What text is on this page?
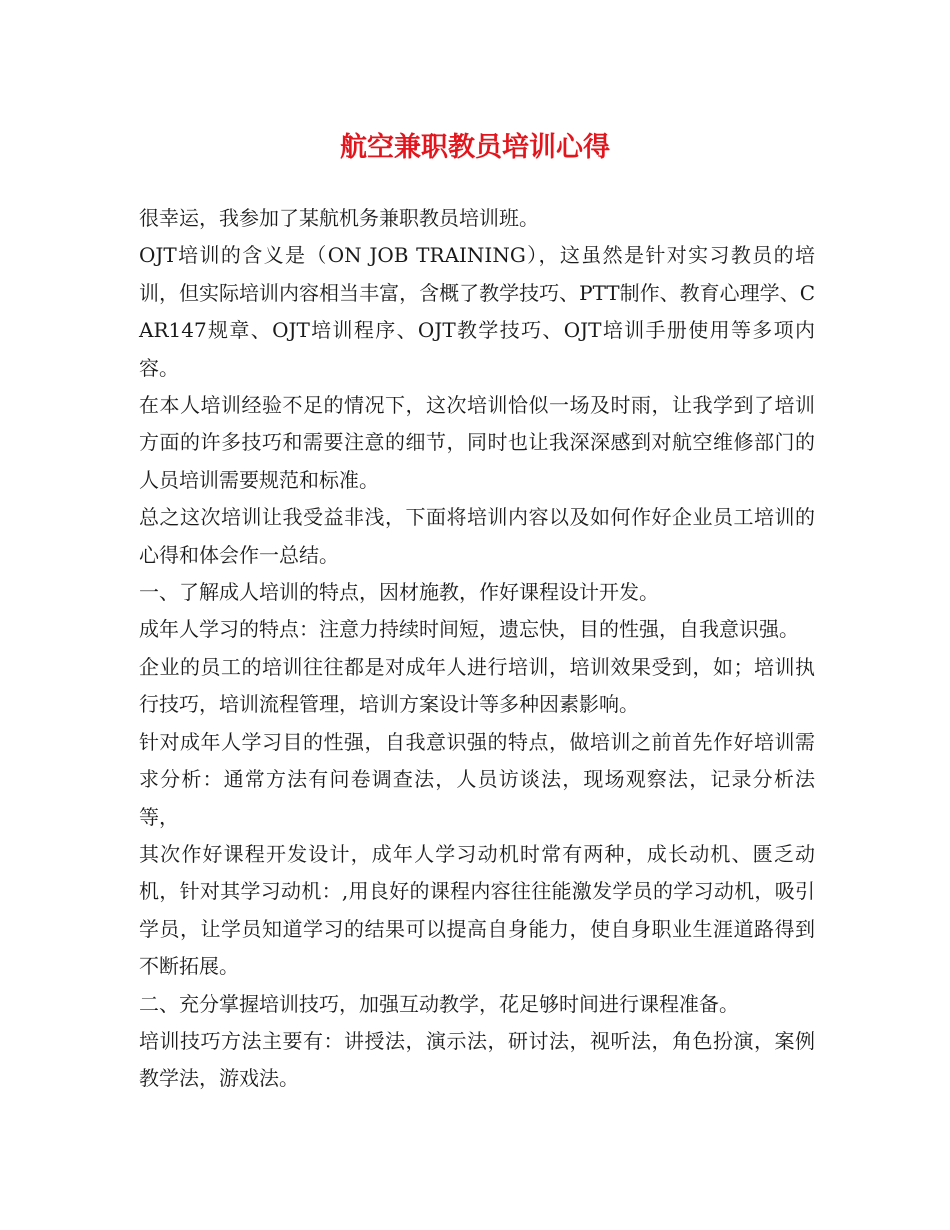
航空兼职教员培训心得

很幸运，我参加了某航机务兼职教员培训班。

OJT培训的含义是（ON JOB TRAINING），这虽然是针对实习教员的培训，但实际培训内容相当丰富，含概了教学技巧、PTT制作、教育心理学、CAR147规章、OJT培训程序、OJT教学技巧、OJT培训手册使用等多项内容。

在本人培训经验不足的情况下，这次培训恰似一场及时雨，让我学到了培训方面的许多技巧和需要注意的细节，同时也让我深深感到对航空维修部门的人员培训需要规范和标准。

总之这次培训让我受益非浅，下面将培训内容以及如何作好企业员工培训的心得和体会作一总结。

一、了解成人培训的特点，因材施教，作好课程设计开发。

成年人学习的特点：注意力持续时间短，遗忘快，目的性强，自我意识强。

企业的员工的培训往往都是对成年人进行培训，培训效果受到，如；培训执行技巧，培训流程管理，培训方案设计等多种因素影响。

针对成年人学习目的性强，自我意识强的特点，做培训之前首先作好培训需求分析：通常方法有问卷调查法，人员访谈法，现场观察法，记录分析法等，

其次作好课程开发设计，成年人学习动机时常有两种，成长动机、匮乏动机，针对其学习动机：,用良好的课程内容往往能激发学员的学习动机，吸引学员，让学员知道学习的结果可以提高自身能力，使自身职业生涯道路得到不断拓展。

二、充分掌握培训技巧，加强互动教学，花足够时间进行课程准备。

培训技巧方法主要有：讲授法，演示法，研讨法，视听法，角色扮演，案例教学法，游戏法。
